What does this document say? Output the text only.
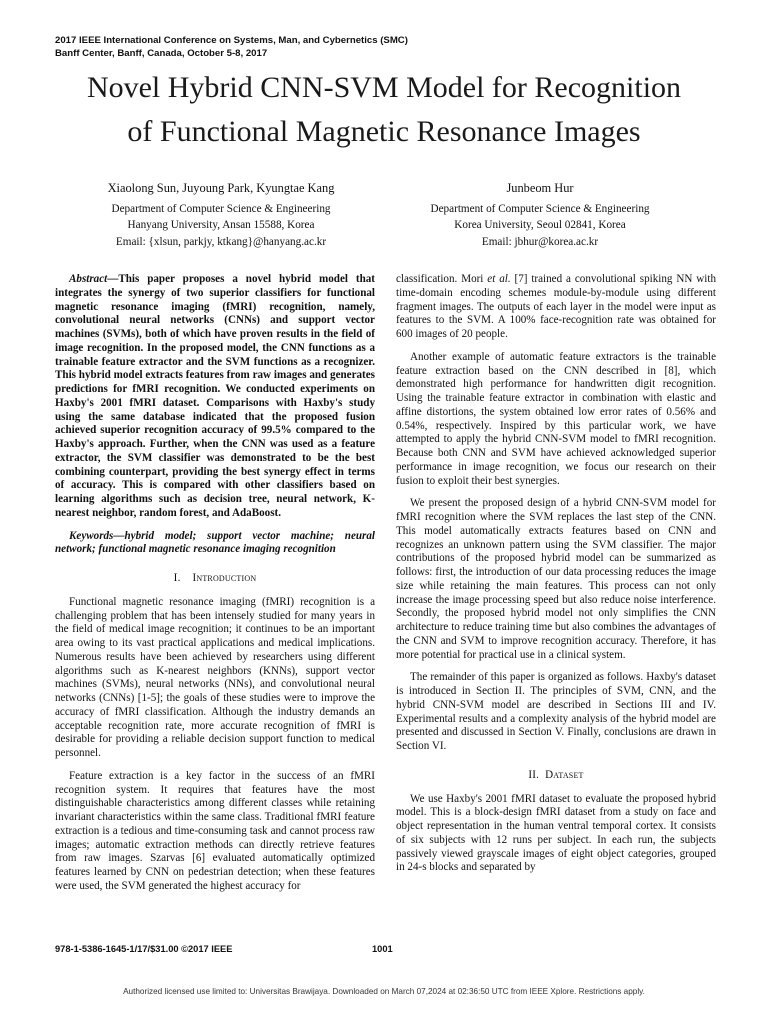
2017 IEEE International Conference on Systems, Man, and Cybernetics (SMC)
Banff Center, Banff, Canada, October 5-8, 2017
Novel Hybrid CNN-SVM Model for Recognition
of Functional Magnetic Resonance Images
Xiaolong Sun, Juyoung Park, Kyungtae Kang
Department of Computer Science & Engineering
Hanyang University, Ansan 15588, Korea
Email: {xlsun, parkjy, ktkang}@hanyang.ac.kr
Junbeom Hur
Department of Computer Science & Engineering
Korea University, Seoul 02841, Korea
Email: jbhur@korea.ac.kr

Abstract—This paper proposes a novel hybrid model that integrates the synergy of two superior classifiers for functional magnetic resonance imaging (fMRI) recognition, namely, convolutional neural networks (CNNs) and support vector machines (SVMs), both of which have proven results in the field of image recognition. In the proposed model, the CNN functions as a trainable feature extractor and the SVM functions as a recognizer. This hybrid model extracts features from raw images and generates predictions for fMRI recognition. We conducted experiments on Haxby's 2001 fMRI dataset. Comparisons with Haxby's study using the same database indicated that the proposed fusion achieved superior recognition accuracy of 99.5% compared to the Haxby's approach. Further, when the CNN was used as a feature extractor, the SVM classifier was demonstrated to be the best combining counterpart, providing the best synergy effect in terms of accuracy. This is compared with other classifiers based on learning algorithms such as decision tree, neural network, K-nearest neighbor, random forest, and AdaBoost.

Keywords—hybrid model; support vector machine; neural network; functional magnetic resonance imaging recognition

I. Introduction

Functional magnetic resonance imaging (fMRI) recognition is a challenging problem that has been intensely studied for many years in the field of medical image recognition; it continues to be an important area owing to its vast practical applications and medical implications. Numerous results have been achieved by researchers using different algorithms such as K-nearest neighbors (KNNs), support vector machines (SVMs), neural networks (NNs), and convolutional neural networks (CNNs) [1-5]; the goals of these studies were to improve the accuracy of fMRI classification. Although the industry demands an acceptable recognition rate, more accurate recognition of fMRI is desirable for providing a reliable decision support function to medical personnel.

Feature extraction is a key factor in the success of an fMRI recognition system. It requires that features have the most distinguishable characteristics among different classes while retaining invariant characteristics within the same class. Traditional fMRI feature extraction is a tedious and time-consuming task and cannot process raw images; automatic extraction methods can directly retrieve features from raw images. Szarvas [6] evaluated automatically optimized features learned by CNN on pedestrian detection; when these features were used, the SVM generated the highest accuracy for

classification. Mori et al. [7] trained a convolutional spiking NN with time-domain encoding schemes module-by-module using different fragment images. The outputs of each layer in the model were input as features to the SVM. A 100% face-recognition rate was obtained for 600 images of 20 people.

Another example of automatic feature extractors is the trainable feature extraction based on the CNN described in [8], which demonstrated high performance for handwritten digit recognition. Using the trainable feature extractor in combination with elastic and affine distortions, the system obtained low error rates of 0.56% and 0.54%, respectively. Inspired by this particular work, we have attempted to apply the hybrid CNN-SVM model to fMRI recognition. Because both CNN and SVM have achieved acknowledged superior performance in image recognition, we focus our research on their fusion to exploit their best synergies.

We present the proposed design of a hybrid CNN-SVM model for fMRI recognition where the SVM replaces the last step of the CNN. This model automatically extracts features based on CNN and recognizes an unknown pattern using the SVM classifier. The major contributions of the proposed hybrid model can be summarized as follows: first, the introduction of our data processing reduces the image size while retaining the main features. This process can not only increase the image processing speed but also reduce noise interference. Secondly, the proposed hybrid model not only simplifies the CNN architecture to reduce training time but also combines the advantages of the CNN and SVM to improve recognition accuracy. Therefore, it has more potential for practical use in a clinical system.

The remainder of this paper is organized as follows. Haxby's dataset is introduced in Section II. The principles of SVM, CNN, and the hybrid CNN-SVM model are described in Sections III and IV. Experimental results and a complexity analysis of the hybrid model are presented and discussed in Section V. Finally, conclusions are drawn in Section VI.

II. Dataset

We use Haxby's 2001 fMRI dataset to evaluate the proposed hybrid model. This is a block-design fMRI dataset from a study on face and object representation in the human ventral temporal cortex. It consists of six subjects with 12 runs per subject. In each run, the subjects passively viewed grayscale images of eight object categories, grouped in 24-s blocks and separated by

978-1-5386-1645-1/17/$31.00 ©2017 IEEE	1001
Authorized licensed use limited to: Universitas Brawijaya. Downloaded on March 07,2024 at 02:36:50 UTC from IEEE Xplore. Restrictions apply.
